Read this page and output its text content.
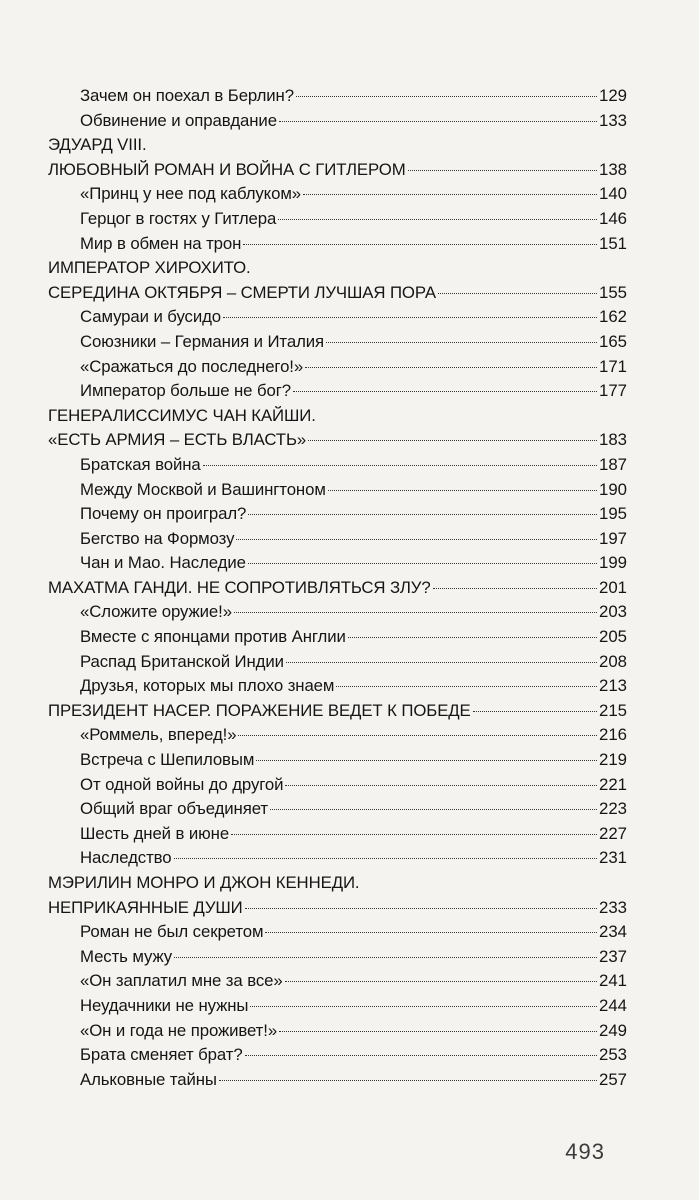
Зачем он поехал в Берлин?	129
Обвинение и оправдание	133
ЭДУАРД VIII.
ЛЮБОВНЫЙ РОМАН И ВОЙНА С ГИТЛЕРОМ	138
«Принц у нее под каблуком»	140
Герцог в гостях у Гитлера	146
Мир в обмен на трон	151
ИМПЕРАТОР ХИРОХИТО.
СЕРЕДИНА ОКТЯБРЯ – СМЕРТИ ЛУЧШАЯ ПОРА	155
Самураи и бусидо	162
Союзники – Германия и Италия	165
«Сражаться до последнего!»	171
Император больше не бог?	177
ГЕНЕРАЛИССИМУС ЧАН КАЙШИ.
«ЕСТЬ АРМИЯ – ЕСТЬ ВЛАСТЬ»	183
Братская война	187
Между Москвой и Вашингтоном	190
Почему он проиграл?	195
Бегство на Формозу	197
Чан и Мао. Наследие	199
МАХАТМА ГАНДИ. НЕ СОПРОТИВЛЯТЬСЯ ЗЛУ?	201
«Сложите оружие!»	203
Вместе с японцами против Англии	205
Распад Британской Индии	208
Друзья, которых мы плохо знаем	213
ПРЕЗИДЕНТ НАСЕР. ПОРАЖЕНИЕ ВЕДЕТ К ПОБЕДЕ	215
«Роммель, вперед!»	216
Встреча с Шепиловым	219
От одной войны до другой	221
Общий враг объединяет	223
Шесть дней в июне	227
Наследство	231
МЭРИЛИН МОНРО И ДЖОН КЕННЕДИ.
НЕПРИКАЯННЫЕ ДУШИ	233
Роман не был секретом	234
Месть мужу	237
«Он заплатил мне за все»	241
Неудачники не нужны	244
«Он и года не проживет!»	249
Брата сменяет брат?	253
Альковные тайны	257
493
